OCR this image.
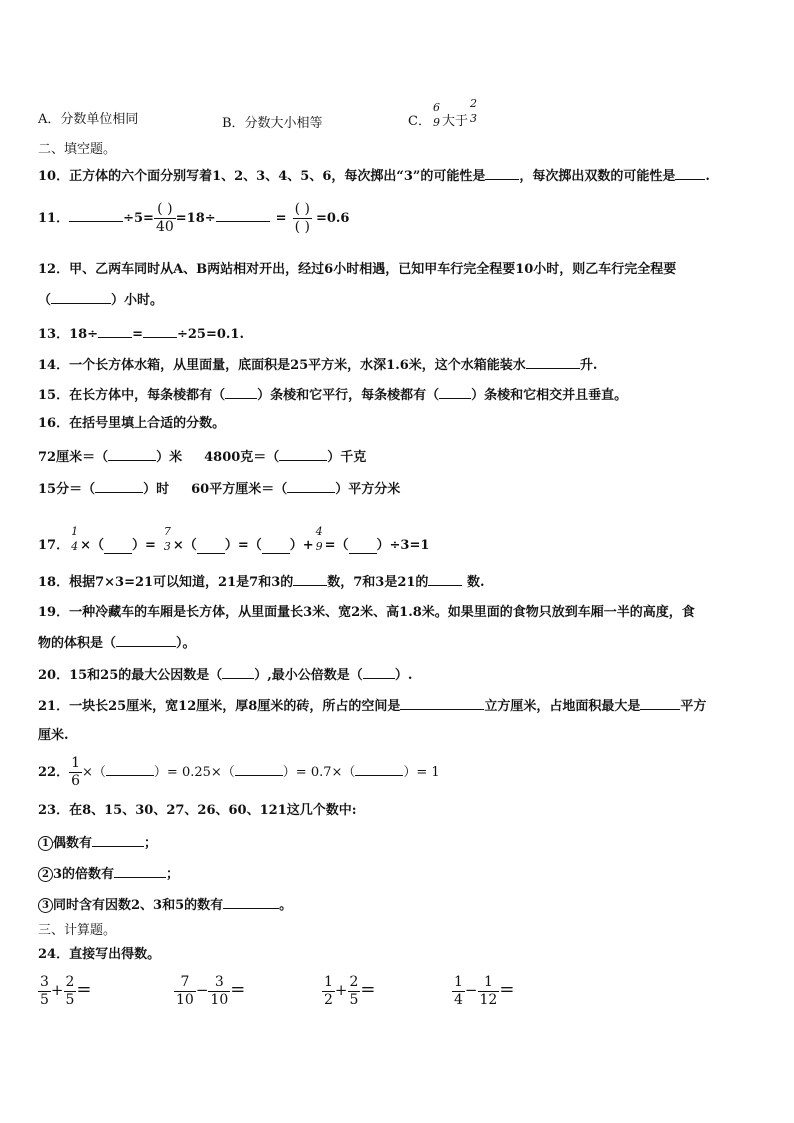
A．分数单位相同	B．分数大小相等	C．
6
9 大于
2
3
二、填空题。
10．正方体的六个面分别写着1、2、3、4、5、6，每次掷出“3”的可能性是	，每次掷出双数的可能性是 .
11．	$\div 5= \frac{( )}{40} =18\div$	= $\frac{( )}{( )} =0.6$
12．甲、乙两车同时从A、B两站相对开出，经过6小时相遇，已知甲车行完全程要10小时，则乙车行完全程要
（	）小时。
13．18÷	=	÷25=0.1.
14．一个长方体水箱，从里面量，底面积是25平方米，水深1.6米，这个水箱能装水	升.
15．在长方体中，每条棱都有（ ）条棱和它平行，每条棱都有（ ）条棱和它相交并且垂直。
16．在括号里填上合适的分数。
72厘米＝（	）米 4800克＝（	）千克
15分＝（	）时 60平方厘米＝（	）平方分米
17．
1
4 ×（ ）=
7
3 ×（ ）=（ ）+
4
9 =（ ）÷3=1
18．根据7×3=21可以知道，21是7和3的	数，7和3是21的	数.
19．一种冷藏车的车厢是长方体，从里面量长3米、宽2米、高1.8米。如果里面的食物只放到车厢一半的高度，食
物的体积是（	）。
20．15和25的最大公因数是（ ）,最小公倍数是（ ）.
21．一块长25厘米，宽12厘米，厚8厘米的砖，所占的空间是	立方厘米，占地面积最大是	平方
厘米.
22． $\frac{1}{6}$ ×（	）= 0.25×（	）= 0.7×（	）= 1
23．在8、15、30、27、26、60、121这几个数中:
1 偶数有	；
2 3的倍数有	；
3 同时含有因数2、3和5的数有	。
三、计算题。
24．直接写出得数。
$\frac{3}{5} + \frac{2}{5}$ =	$\frac{7}{10} - \frac{3}{10}$ =	$\frac{1}{2} + \frac{2}{5}$ =	$\frac{1}{4} - \frac{1}{12}$ =
